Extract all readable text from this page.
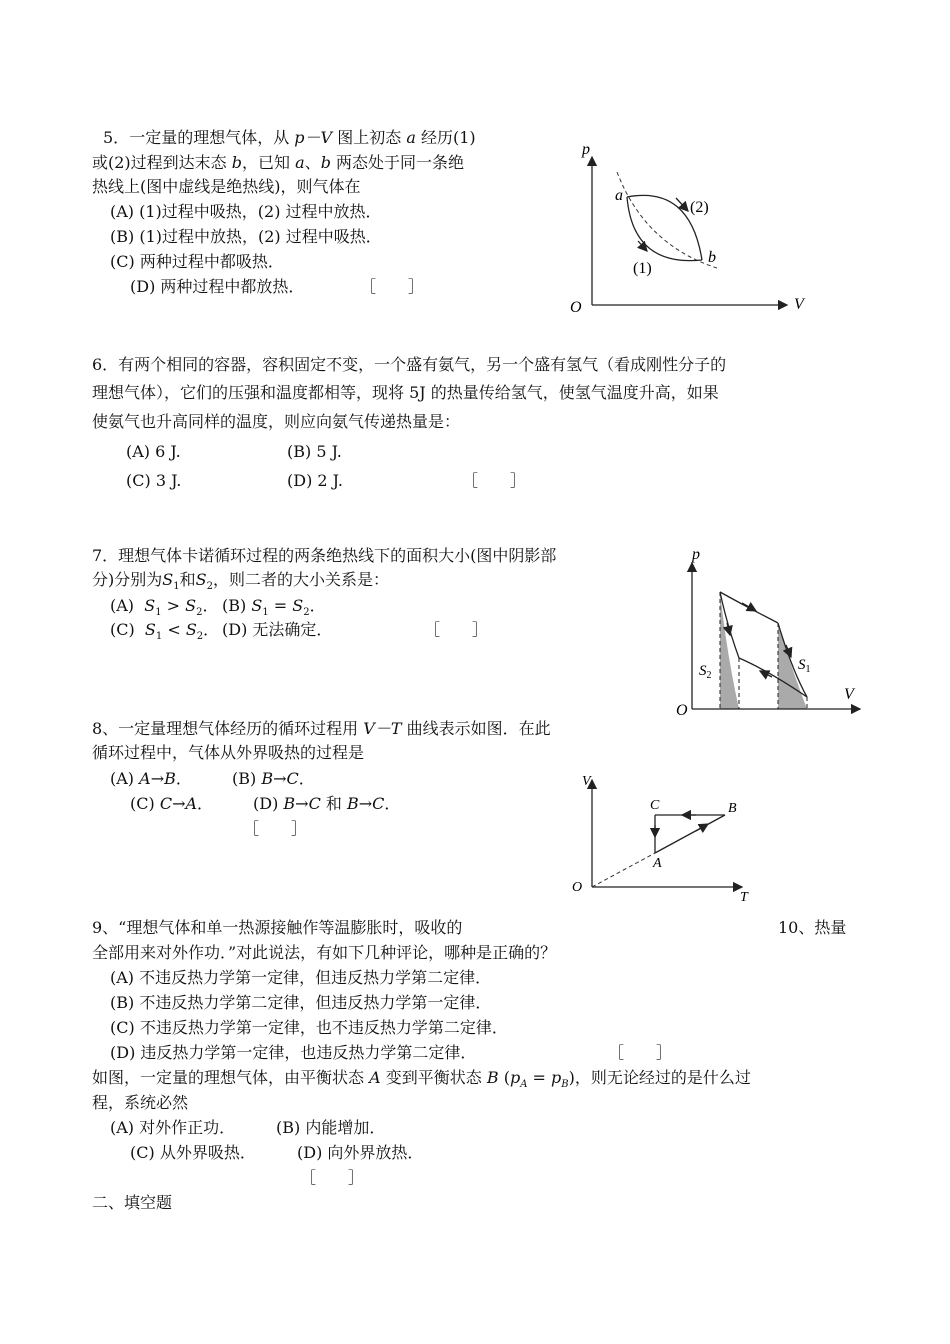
5．一定量的理想气体，从 p－V 图上初态 a 经历(1)
或(2)过程到达末态 b，已知 a、b 两态处于同一条绝
热线上(图中虚线是绝热线)，则气体在
(A) (1)过程中吸热，(2) 过程中放热．
(B) (1)过程中放热，(2) 过程中吸热．
(C) 两种过程中都吸热．
(D) 两种过程中都放热．	［　　］
p
V
O
a
b
(1)
(2)
6．有两个相同的容器，容积固定不变，一个盛有氨气，另一个盛有氢气（看成刚性分子的
理想气体），它们的压强和温度都相等，现将 5J 的热量传给氢气，使氢气温度升高，如果
使氨气也升高同样的温度，则应向氨气传递热量是：
(A) 6 J.	(B) 5 J.
(C) 3 J.	(D) 2 J.	［　　］
7．理想气体卡诺循环过程的两条绝热线下的面积大小(图中阴影部
分)分别为$S_1$和$S_2$，则二者的大小关系是：
(A) $S_1 > S_2$． (B) $S_1 = S_2$．
(C) $S_1 < S_2$． (D) 无法确定．	［　　］
p
V
O
$S_2$
$S_1$
8、一定量理想气体经历的循环过程用 V－T 曲线表示如图．在此
循环过程中，气体从外界吸热的过程是
(A) A→B．	(B) B→C．
(C) C→A． (D) B→C 和 B→C．
［　　］
V
T
O
A
B
C
9、“理想气体和单一热源接触作等温膨胀时，吸收的	10、热量
全部用来对外作功．”对此说法，有如下几种评论，哪种是正确的？
(A) 不违反热力学第一定律，但违反热力学第二定律．
(B) 不违反热力学第二定律，但违反热力学第一定律．
(C) 不违反热力学第一定律，也不违反热力学第二定律．
(D) 违反热力学第一定律，也违反热力学第二定律．	［　　］
如图，一定量的理想气体，由平衡状态 A 变到平衡状态 B $(p_A = p_B)$，则无论经过的是什么过
程，系统必然
(A) 对外作正功．	(B) 内能增加．
(C) 从外界吸热．	(D) 向外界放热．
［　　］
二、填空题
